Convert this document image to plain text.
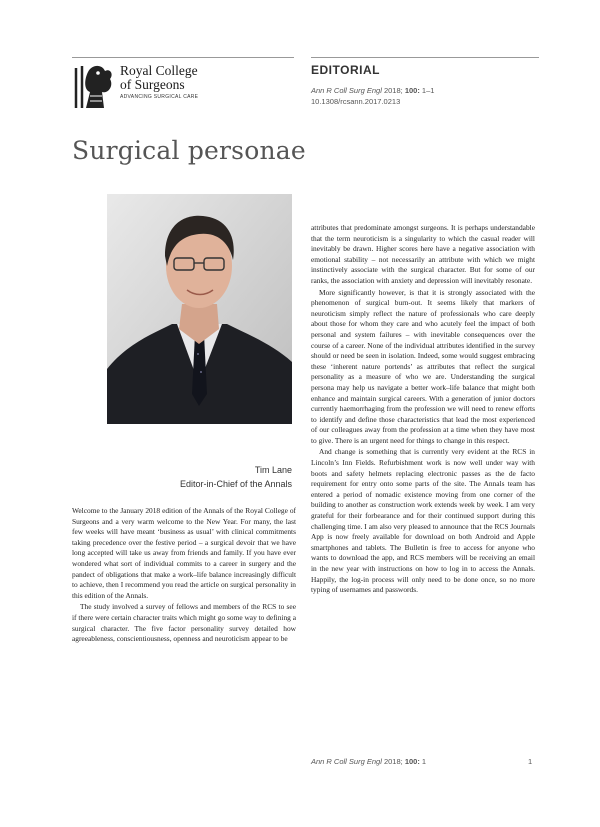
Royal College
of Surgeons
ADVANCING SURGICAL CARE
EDITORIAL
Ann R Coll Surg Engl 2018; 100: 1–1
10.1308/rcsann.2017.0213
Surgical personae
Tim Lane
Editor-in-Chief of the Annals

Welcome to the January 2018 edition of the Annals of the Royal College of Surgeons and a very warm welcome to the New Year. For many, the last few weeks will have meant ‘business as usual’ with clinical commitments taking precedence over the festive period – a surgical devoir that we have long accepted will take us away from friends and family. If you have ever wondered what sort of individual commits to a career in surgery and the pandect of obligations that make a work–life balance increasingly difficult to achieve, then I recommend you read the article on surgical personality in this edition of the Annals.

The study involved a survey of fellows and members of the RCS to see if there were certain character traits which might go some way to defining a surgical character. The five factor personality survey detailed how agreeableness, conscientiousness, openness and neuroticism appear to be

attributes that predominate amongst surgeons. It is perhaps understandable that the term neuroticism is a singularity to which the casual reader will inevitably be drawn. Higher scores here have a negative association with emotional stability – not necessarily an attribute with which we might instinctively associate with the surgical character. But for some of our ranks, the association with anxiety and depression will inevitably resonate.

More significantly however, is that it is strongly associated with the phenomenon of surgical burn-out. It seems likely that markers of neuroticism simply reflect the nature of professionals who care deeply about those for whom they care and who acutely feel the impact of both personal and system failures – with inevitable consequences over the course of a career. None of the individual attributes identified in the survey should or need be seen in isolation. Indeed, some would suggest embracing these ‘inherent nature portends’ as attributes that reflect the surgical personality as a measure of who we are. Understanding the surgical persona may help us navigate a better work–life balance that might both enhance and maintain surgical careers. With a generation of junior doctors currently haemorrhaging from the profession we will need to renew efforts to identify and define those characteristics that lead the most experienced of our colleagues away from the profession at a time when they have most to give. There is an urgent need for things to change in this respect.

And change is something that is currently very evident at the RCS in Lincoln’s Inn Fields. Refurbishment work is now well under way with boots and safety helmets replacing electronic passes as the de facto requirement for entry onto some parts of the site. The Annals team has entered a period of nomadic existence moving from one corner of the building to another as construction work extends week by week. I am very grateful for their forbearance and for their continued support during this challenging time. I am also very pleased to announce that the RCS Journals App is now freely available for download on both Android and Apple smartphones and tablets. The Bulletin is free to access for anyone who wants to download the app, and RCS members will be receiving an email in the new year with instructions on how to log in to access the Annals. Happily, the log-in process will only need to be done once, so no more typing of usernames and passwords.

Ann R Coll Surg Engl 2018; 100: 1	1
